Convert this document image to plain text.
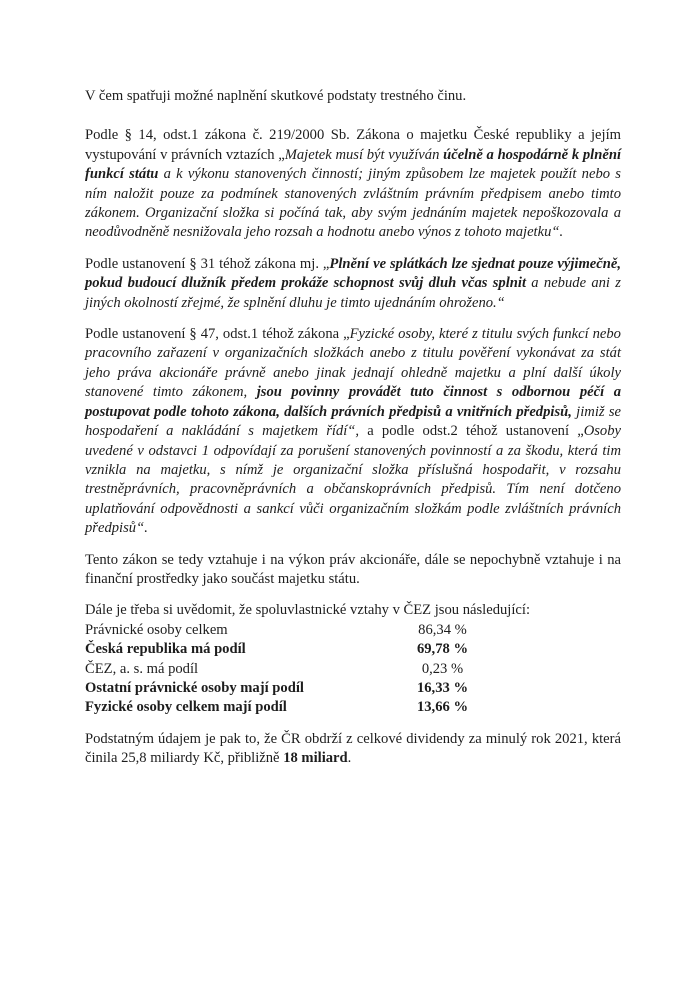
V čem spatřuji možné naplnění skutkové podstaty trestného činu.

Podle § 14, odst.1 zákona č. 219/2000 Sb. Zákona o majetku České republiky a jejím vystupování v právních vztazích „Majetek musí být využíván účelně a hospodárně k plnění funkcí státu a k výkonu stanovených činností; jiným způsobem lze majetek použít nebo s ním naložit pouze za podmínek stanovených zvláštním právním předpisem anebo timto zákonem. Organizační složka si počíná tak, aby svým jednáním majetek nepoškozovala a neodůvodněně nesnižovala jeho rozsah a hodnotu anebo výnos z tohoto majetku“.

Podle ustanovení § 31 téhož zákona mj. „Plnění ve splátkách lze sjednat pouze výjimečně, pokud budoucí dlužník předem prokáže schopnost svůj dluh včas splnit a nebude ani z jiných okolností zřejmé, že splnění dluhu je timto ujednáním ohroženo.“

Podle ustanovení § 47, odst.1 téhož zákona „Fyzické osoby, které z titulu svých funkcí nebo pracovního zařazení v organizačních složkách anebo z titulu pověření vykonávat za stát jeho práva akcionáře právně anebo jinak jednají ohledně majetku a plní další úkoly stanovené timto zákonem, jsou povinny provádět tuto činnost s odbornou péčí a postupovat podle tohoto zákona, dalších právních předpisů a vnitřních předpisů, jimiž se hospodaření a nakládání s majetkem řídí“, a podle odst.2 téhož ustanovení „Osoby uvedené v odstavci 1 odpovídají za porušení stanovených povinností a za škodu, která tim vznikla na majetku, s nímž je organizační složka příslušná hospodařit, v rozsahu trestněprávních, pracovněprávních a občanskoprávních předpisů. Tím není dotčeno uplatňování odpovědnosti a sankcí vůči organizačním složkám podle zvláštních právních předpisů“.

Tento zákon se tedy vztahuje i na výkon práv akcionáře, dále se nepochybně vztahuje i na finanční prostředky jako součást majetku státu.

Dále je třeba si uvědomit, že spoluvlastnické vztahy v ČEZ jsou následující:

Právnické osoby celkem	86,34 %
Česká republika má podíl	69,78 %
ČEZ, a. s. má podíl	0,23 %
Ostatní právnické osoby mají podíl	16,33 %
Fyzické osoby celkem mají podíl	13,66 %

Podstatným údajem je pak to, že ČR obdrží z celkové dividendy za minulý rok 2021, která činila 25,8 miliardy Kč, přibližně 18 miliard.
